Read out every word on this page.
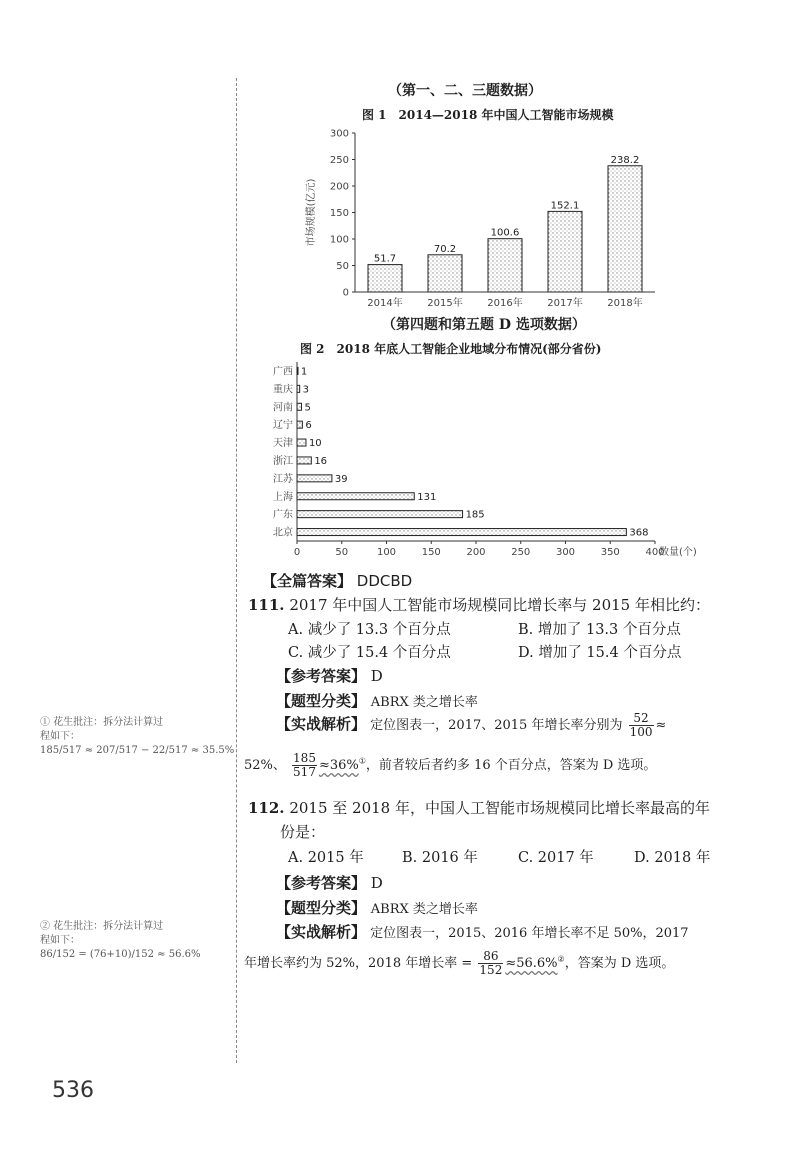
（第一、二、三题数据）
图 1　2014—2018 年中国人工智能市场规模
0
50
100
150
200
250
300
市场规模(亿元)
51.7
2014年
70.2
2015年
100.6
2016年
152.1
2017年
238.2
2018年
（第四题和第五题 D 选项数据）
图 2　2018 年底人工智能企业地域分布情况(部分省份)
0	50	100	150	200	250	300	350	400
数量(个)
1
广西
3
重庆
5
河南
6
辽宁
10
天津
16
浙江
39
江苏
131
上海
185
广东
368
北京
【全篇答案】 DDCBD
111. 2017 年中国人工智能市场规模同比增长率与 2015 年相比约：
A. 减少了 13.3 个百分点	B. 增加了 13.3 个百分点
C. 减少了 15.4 个百分点	D. 增加了 15.4 个百分点
【参考答案】 D
【题型分类】 ABRX 类之增长率
【实战解析】 定位图表一，2017、2015 年增长率分别为 $\frac{52}{100}$ ≈
52%、 $\frac{185}{517} \approx 36\%^①$，前者较后者约多 16 个百分点，答案为 D 选项。
① 花生批注：拆分法计算过
程如下：
185/517 ≈ 207/517 − 22/517 ≈ 35.5%
112. 2015 至 2018 年，中国人工智能市场规模同比增长率最高的年
份是：
A. 2015 年	B. 2016 年	C. 2017 年	D. 2018 年
【参考答案】 D
【题型分类】 ABRX 类之增长率
【实战解析】 定位图表一，2015、2016 年增长率不足 50%，2017
年增长率约为 52%，2018 年增长率 = $\frac{86}{152} \approx 56.6\%^②$，答案为 D 选项。
② 花生批注：拆分法计算过
程如下：
86/152 = (76+10)/152 ≈ 56.6%
536
